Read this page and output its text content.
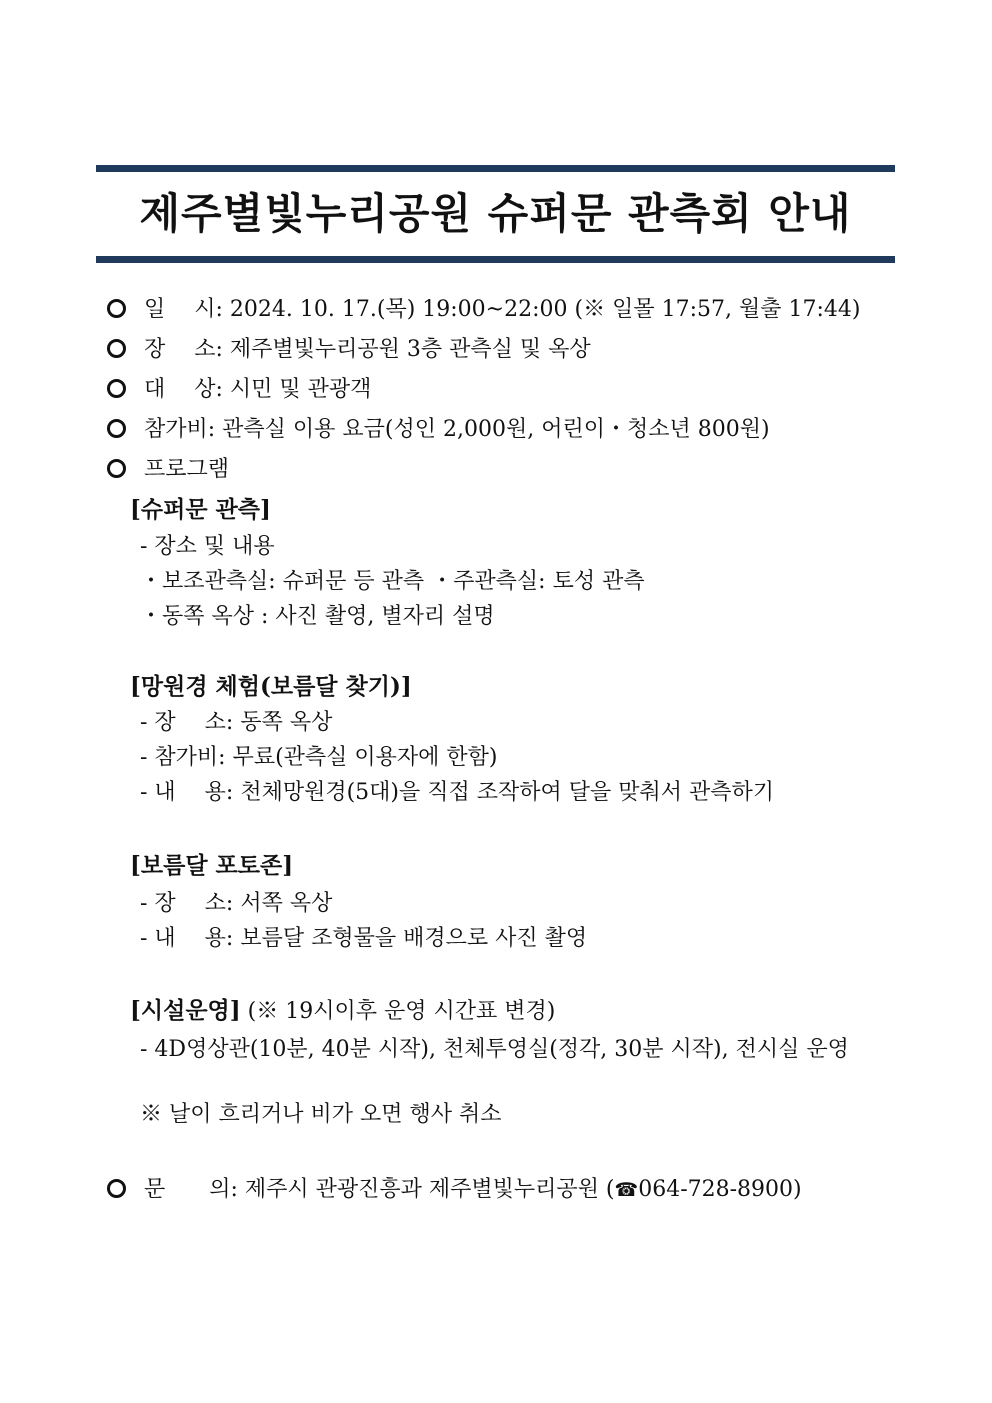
제주별빛누리공원 슈퍼문 관측회 안내
일　 시: 2024. 10. 17.(목) 19:00~22:00 (※ 일몰 17:57, 월출 17:44)
장　 소: 제주별빛누리공원 3층 관측실 및 옥상
대　 상: 시민 및 관광객
참가비: 관측실 이용 요금(성인 2,000원, 어린이・청소년 800원)
프로그램
[슈퍼문 관측]
- 장소 및 내용
・보조관측실: 슈퍼문 등 관측 ・주관측실: 토성 관측
・동쪽 옥상 : 사진 촬영, 별자리 설명
[망원경 체험(보름달 찾기)]
- 장　 소: 동쪽 옥상
- 참가비: 무료(관측실 이용자에 한함)
- 내　 용: 천체망원경(5대)을 직접 조작하여 달을 맞춰서 관측하기
[보름달 포토존]
- 장　 소: 서쪽 옥상
- 내　 용: 보름달 조형물을 배경으로 사진 촬영
[시설운영] (※ 19시이후 운영 시간표 변경)
- 4D영상관(10분, 40분 시작), 천체투영실(정각, 30분 시작), 전시실 운영
※ 날이 흐리거나 비가 오면 행사 취소
문　　의: 제주시 관광진흥과 제주별빛누리공원 (☎064-728-8900)
